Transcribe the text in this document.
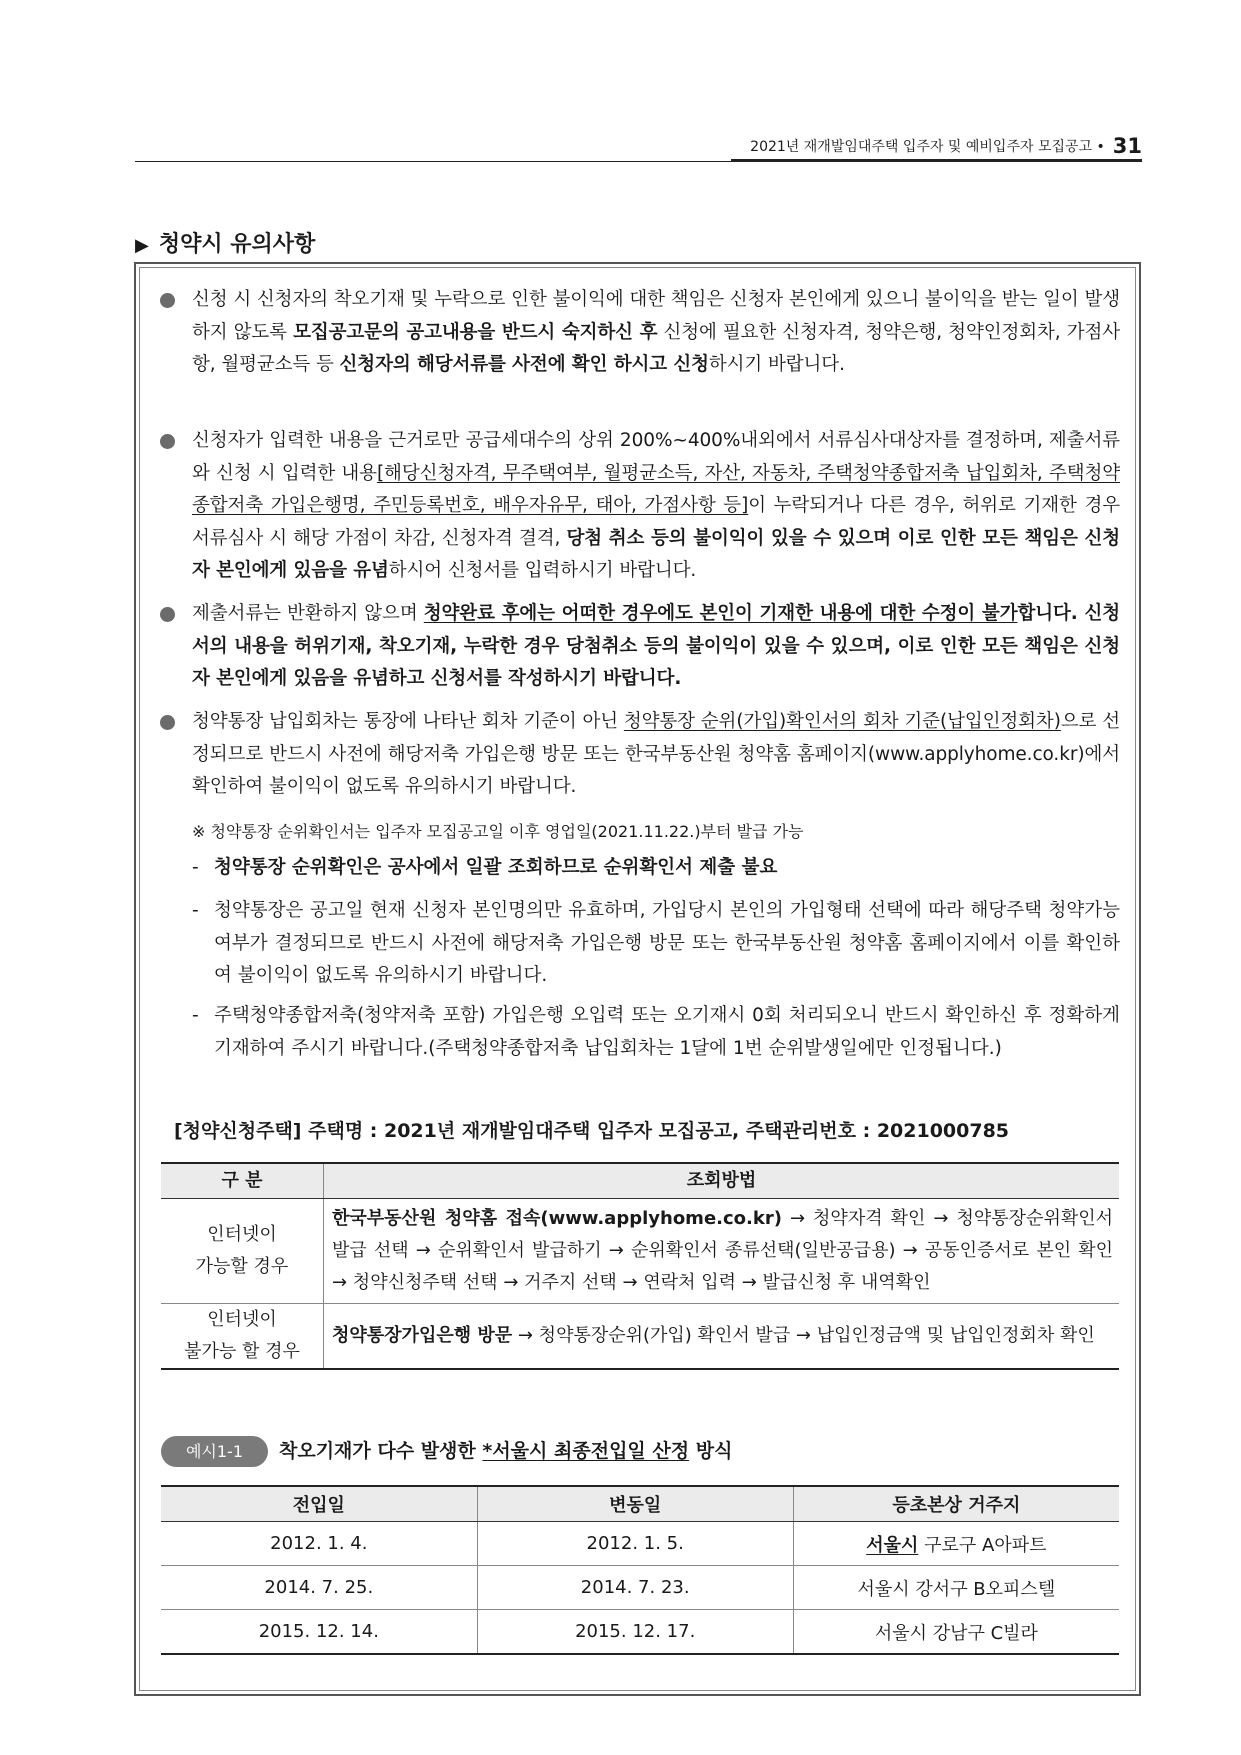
2021년 재개발임대주택 입주자 및 예비입주자 모집공고 • 31
▶ 청약시 유의사항
신청 시 신청자의 착오기재 및 누락으로 인한 불이익에 대한 책임은 신청자 본인에게 있으니 불이익을 받는 일이 발생하지 않도록 모집공고문의 공고내용을 반드시 숙지하신 후 신청에 필요한 신청자격, 청약은행, 청약인정회차, 가점사항, 월평균소득 등 신청자의 해당서류를 사전에 확인 하시고 신청하시기 바랍니다.
신청자가 입력한 내용을 근거로만 공급세대수의 상위 200%~400%내외에서 서류심사대상자를 결정하며, 제출서류와 신청 시 입력한 내용[해당신청자격, 무주택여부, 월평균소득, 자산, 자동차, 주택청약종합저축 납입회차, 주택청약종합저축 가입은행명, 주민등록번호, 배우자유무, 태아, 가점사항 등]이 누락되거나 다른 경우, 허위로 기재한 경우 서류심사 시 해당 가점이 차감, 신청자격 결격, 당첨 취소 등의 불이익이 있을 수 있으며 이로 인한 모든 책임은 신청자 본인에게 있음을 유념하시어 신청서를 입력하시기 바랍니다.
제출서류는 반환하지 않으며 청약완료 후에는 어떠한 경우에도 본인이 기재한 내용에 대한 수정이 불가합니다. 신청서의 내용을 허위기재, 착오기재, 누락한 경우 당첨취소 등의 불이익이 있을 수 있으며, 이로 인한 모든 책임은 신청자 본인에게 있음을 유념하고 신청서를 작성하시기 바랍니다.
청약통장 납입회차는 통장에 나타난 회차 기준이 아닌 청약통장 순위(가입)확인서의 회차 기준(납입인정회차)으로 선정되므로 반드시 사전에 해당저축 가입은행 방문 또는 한국부동산원 청약홈 홈페이지(www.applyhome.co.kr)에서 확인하여 불이익이 없도록 유의하시기 바랍니다.
※ 청약통장 순위확인서는 입주자 모집공고일 이후 영업일(2021.11.22.)부터 발급 가능
- 청약통장 순위확인은 공사에서 일괄 조회하므로 순위확인서 제출 불요
- 청약통장은 공고일 현재 신청자 본인명의만 유효하며, 가입당시 본인의 가입형태 선택에 따라 해당주택 청약가능여부가 결정되므로 반드시 사전에 해당저축 가입은행 방문 또는 한국부동산원 청약홈 홈페이지에서 이를 확인하여 불이익이 없도록 유의하시기 바랍니다.
- 주택청약종합저축(청약저축 포함) 가입은행 오입력 또는 오기재시 0회 처리되오니 반드시 확인하신 후 정확하게 기재하여 주시기 바랍니다.(주택청약종합저축 납입회차는 1달에 1번 순위발생일에만 인정됩니다.)
[청약신청주택] 주택명 : 2021년 재개발임대주택 입주자 모집공고, 주택관리번호 : 2021000785
구 분	조회방법
인터넷이
가능할 경우	한국부동산원 청약홈 접속(www.applyhome.co.kr) → 청약자격 확인 → 청약통장순위확인서 발급 선택 → 순위확인서 발급하기 → 순위확인서 종류선택(일반공급용) → 공동인증서로 본인 확인 → 청약신청주택 선택 → 거주지 선택 → 연락처 입력 → 발급신청 후 내역확인
인터넷이
불가능 할 경우	청약통장가입은행 방문 → 청약통장순위(가입) 확인서 발급 → 납입인정금액 및 납입인정회차 확인
예시1-1	착오기재가 다수 발생한 *서울시 최종전입일 산정 방식
전입일	변동일	등초본상 거주지
2012. 1. 4.	2012. 1. 5.	서울시 구로구 A아파트
2014. 7. 25.	2014. 7. 23.	서울시 강서구 B오피스텔
2015. 12. 14.	2015. 12. 17.	서울시 강남구 C빌라
